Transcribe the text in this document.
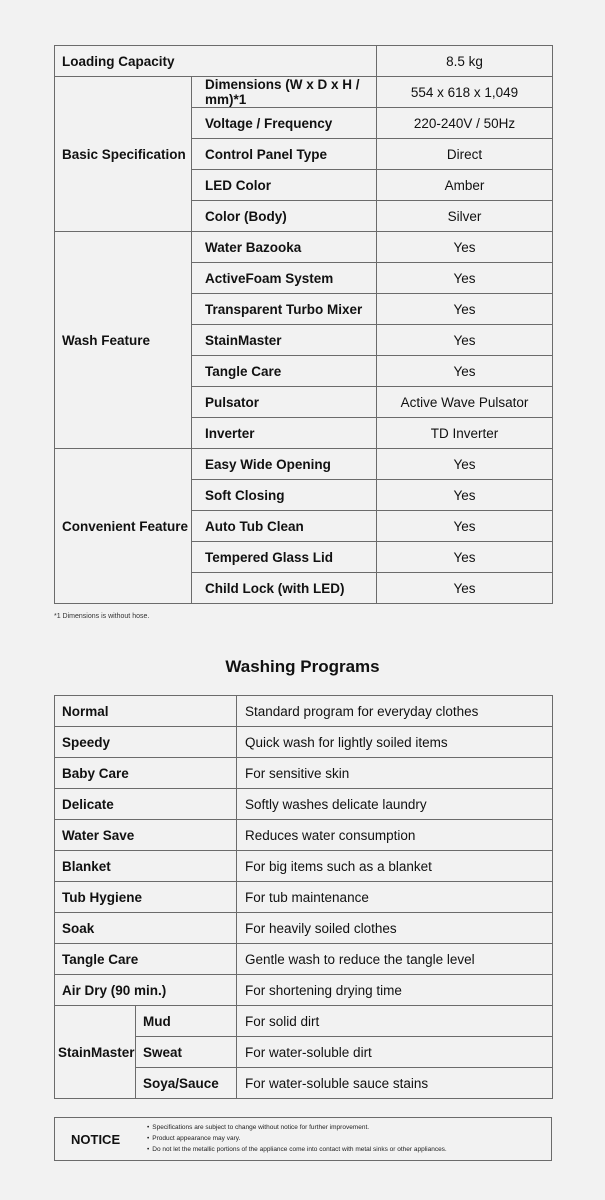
Loading Capacity		8.5 kg
Basic Specification	Dimensions (W x D x H / mm)*1	554 x 618 x 1,049
	Voltage / Frequency	220-240V / 50Hz
	Control Panel Type	Direct
	LED Color	Amber
	Color (Body)	Silver
Wash Feature	Water Bazooka	Yes
	ActiveFoam System	Yes
	Transparent Turbo Mixer	Yes
	StainMaster	Yes
	Tangle Care	Yes
	Pulsator	Active Wave Pulsator
	Inverter	TD Inverter
Convenient Feature	Easy Wide Opening	Yes
	Soft Closing	Yes
	Auto Tub Clean	Yes
	Tempered Glass Lid	Yes
	Child Lock (with LED)	Yes
*1 Dimensions is without hose.
Washing Programs
Normal		Standard program for everyday clothes
Speedy		Quick wash for lightly soiled items
Baby Care		For sensitive skin
Delicate		Softly washes delicate laundry
Water Save		Reduces water consumption
Blanket		For big items such as a blanket
Tub Hygiene		For tub maintenance
Soak		For heavily soiled clothes
Tangle Care		Gentle wash to reduce the tangle level
Air Dry (90 min.)		For shortening drying time
StainMaster	Mud	For solid dirt
	Sweat	For water-soluble dirt
	Soya/Sauce	For water-soluble sauce stains
NOTICE
• Specifications are subject to change without notice for further improvement.
• Product appearance may vary.
• Do not let the metallic portions of the appliance come into contact with metal sinks or other appliances.
